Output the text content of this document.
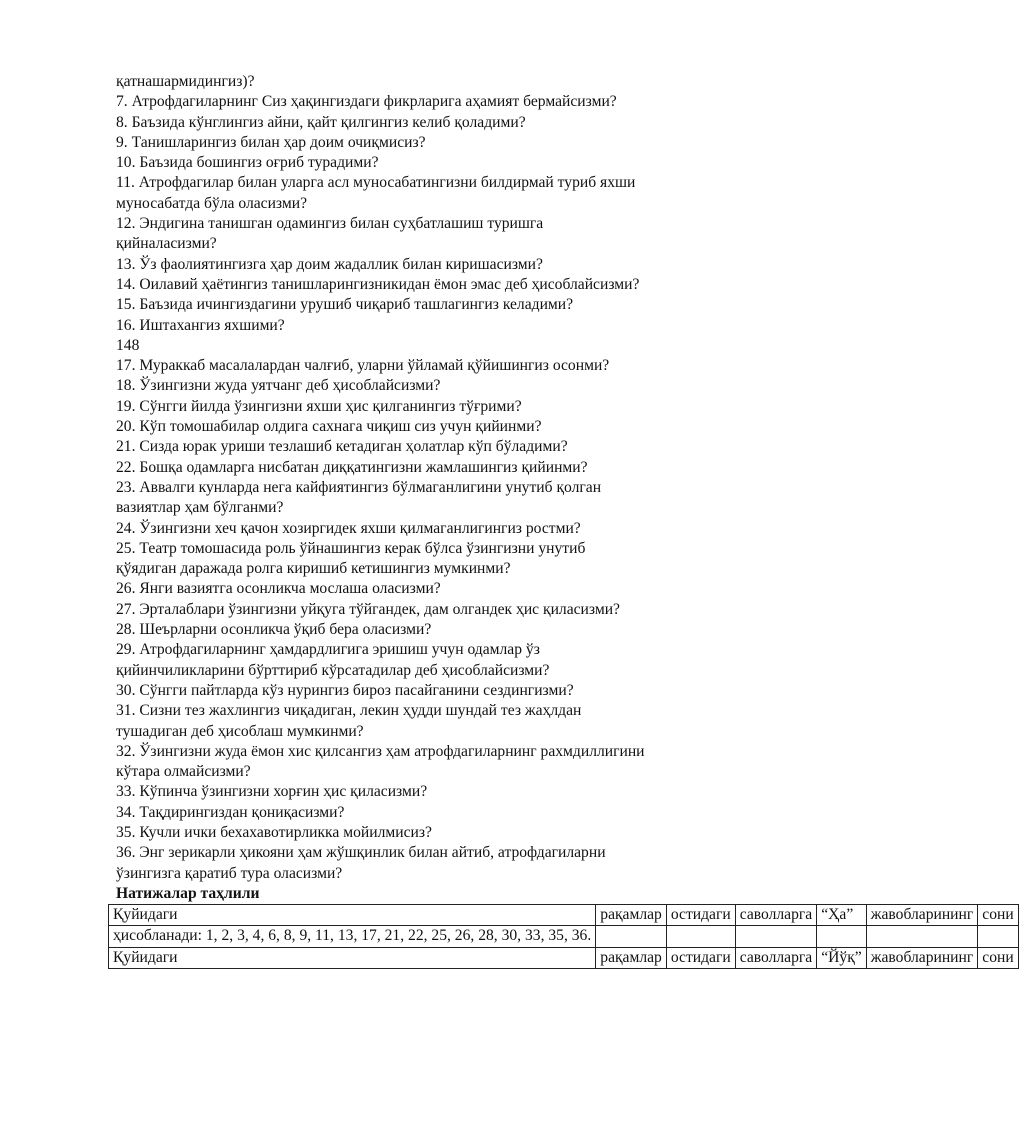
қатнашармидингиз)?
7. Атрофдагиларнинг Сиз ҳақингиздаги фикрларига аҳамият бермайсизми?
8. Баъзида кўнглингиз айни, қайт қилгингиз келиб қоладими?
9. Танишларингиз билан ҳар доим очиқмисиз?
10. Баъзида бошингиз оғриб турадими?
11. Атрофдагилар билан уларга асл муносабатингизни билдирмай туриб яхши
муносабатда бўла оласизми?
12. Эндигина танишган одамингиз билан суҳбатлашиш туришга
қийналасизми?
13. Ўз фаолиятингизга ҳар доим жадаллик билан киришасизми?
14. Оилавий ҳаётингиз танишларингизникидан ёмон эмас деб ҳисоблайсизми?
15. Баъзида ичингиздагини урушиб чиқариб ташлагингиз келадими?
16. Иштахангиз яхшими?
148
17. Мураккаб масалалардан чалғиб, уларни ўйламай қўйишингиз осонми?
18. Ўзингизни жуда уятчанг деб ҳисоблайсизми?
19. Сўнгги йилда ўзингизни яхши ҳис қилганингиз тўғрими?
20. Кўп томошабилар олдига сахнага чиқиш сиз учун қийинми?
21. Сизда юрак уриши тезлашиб кетадиган ҳолатлар кўп бўладими?
22. Бошқа одамларга нисбатан диққатингизни жамлашингиз қийинми?
23. Аввалги кунларда нега кайфиятингиз бўлмаганлигини унутиб қолган
вазиятлар ҳам бўлганми?
24. Ўзингизни хеч қачон хозиргидек яхши қилмаганлигингиз ростми?
25. Театр томошасида роль ўйнашингиз керак бўлса ўзингизни унутиб
қўядиган даражада ролга киришиб кетишингиз мумкинми?
26. Янги вазиятга осонликча мослаша оласизми?
27. Эрталаблари ўзингизни уйқуга тўйгандек, дам олгандек ҳис қиласизми?
28. Шеърларни осонликча ўқиб бера оласизми?
29. Атрофдагиларнинг ҳамдардлигига эришиш учун одамлар ўз
қийинчиликларини бўрттириб кўрсатадилар деб ҳисоблайсизми?
30. Сўнгги пайтларда кўз нурингиз бироз пасайганини сездингизми?
31. Сизни тез жахлингиз чиқадиган, лекин ҳудди шундай тез жаҳлдан
тушадиган деб ҳисоблаш мумкинми?
32. Ўзингизни жуда ёмон хис қилсангиз ҳам атрофдагиларнинг рахмдиллигини
кўтара олмайсизми?
33. Кўпинча ўзингизни хорғин ҳис қиласизми?
34. Тақдирингиздан қониқасизми?
35. Кучли ички бехахавотирликка мойилмисиз?
36. Энг зерикарли ҳикояни ҳам жўшқинлик билан айтиб, атрофдагиларни
ўзингизга қаратиб тура оласизми?
Натижалар таҳлили
Қуйидаги	рақамлар	остидаги	саволларга	“Ҳа”	жавобларининг	сони
ҳисобланади: 1, 2, 3, 4, 6, 8, 9, 11, 13, 17, 21, 22, 25, 26, 28, 30, 33, 35, 36.						
Қуйидаги	рақамлар	остидаги	саволларга	“Йўқ”	жавобларининг	сони
